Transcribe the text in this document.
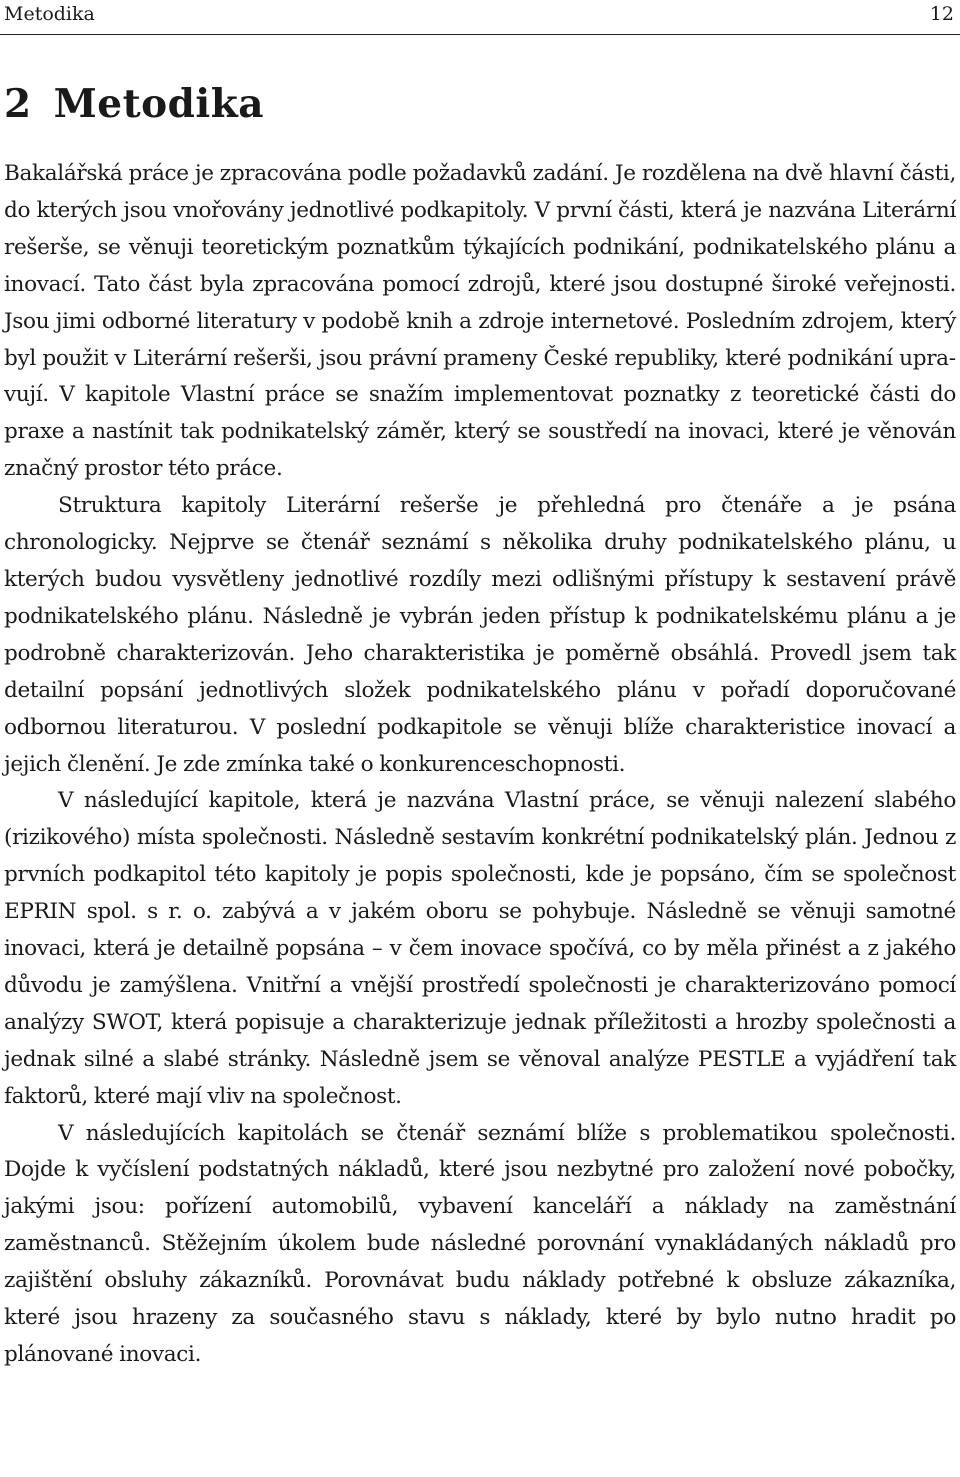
Metodika	12
2 Metodika

Bakalářská práce je zpracována podle požadavků zadání. Je rozdělena na dvě hlavní části, do kterých jsou vnořovány jednotlivé podkapitoly. V první části, která je nazvána Literární rešerše, se věnuji teoretickým poznatkům týkajících podnikání, podnikatelského plánu a inovací. Tato část byla zpracována pomocí zdrojů, které jsou dostupné široké veřejnosti. Jsou jimi odborné literatury v podobě knih a zdroje internetové. Posledním zdrojem, který byl použit v Literární rešerši, jsou právní prameny České republiky, které podnikání upravují. V kapitole Vlastní práce se snažím implementovat poznatky z teoretické části do praxe a nastínit tak podnikatelský záměr, který se soustředí na inovaci, které je věnován značný prostor této práce.

Struktura kapitoly Literární rešerše je přehledná pro čtenáře a je psána chronologicky. Nejprve se čtenář seznámí s několika druhy podnikatelského plánu, u kterých budou vysvětleny jednotlivé rozdíly mezi odlišnými přístupy k sestavení právě podnikatelského plánu. Následně je vybrán jeden přístup k podnikatelskému plánu a je podrobně charakterizován. Jeho charakteristika je poměrně obsáhlá. Provedl jsem tak detailní popsání jednotlivých složek podnikatelského plánu v pořadí doporučované odbornou literaturou. V poslední podkapitole se věnuji blíže charakteristice inovací a jejich členění. Je zde zmínka také o konkurenceschopnosti.

V následující kapitole, která je nazvána Vlastní práce, se věnuji nalezení slabého (rizikového) místa společnosti. Následně sestavím konkrétní podnikatelský plán. Jednou z prvních podkapitol této kapitoly je popis společnosti, kde je popsáno, čím se společnost EPRIN spol. s r. o. zabývá a v jakém oboru se pohybuje. Následně se věnuji samotné inovaci, která je detailně popsána – v čem inovace spočívá, co by měla přinést a z jakého důvodu je zamýšlena. Vnitřní a vnější prostředí společnosti je charakterizováno pomocí analýzy SWOT, která popisuje a charakterizuje jednak příležitosti a hrozby společnosti a jednak silné a slabé stránky. Následně jsem se věnoval analýze PESTLE a vyjádření tak faktorů, které mají vliv na společnost.

V následujících kapitolách se čtenář seznámí blíže s problematikou společnosti. Dojde k vyčíslení podstatných nákladů, které jsou nezbytné pro založení nové pobočky, jakými jsou: pořízení automobilů, vybavení kanceláří a náklady na zaměstnání zaměstnanců. Stěžejním úkolem bude následné porovnání vynakládaných nákladů pro zajištění obsluhy zákazníků. Porovnávat budu náklady potřebné k obsluze zákazníka, které jsou hrazeny za současného stavu s náklady, které by bylo nutno hradit po plánované inovaci.
